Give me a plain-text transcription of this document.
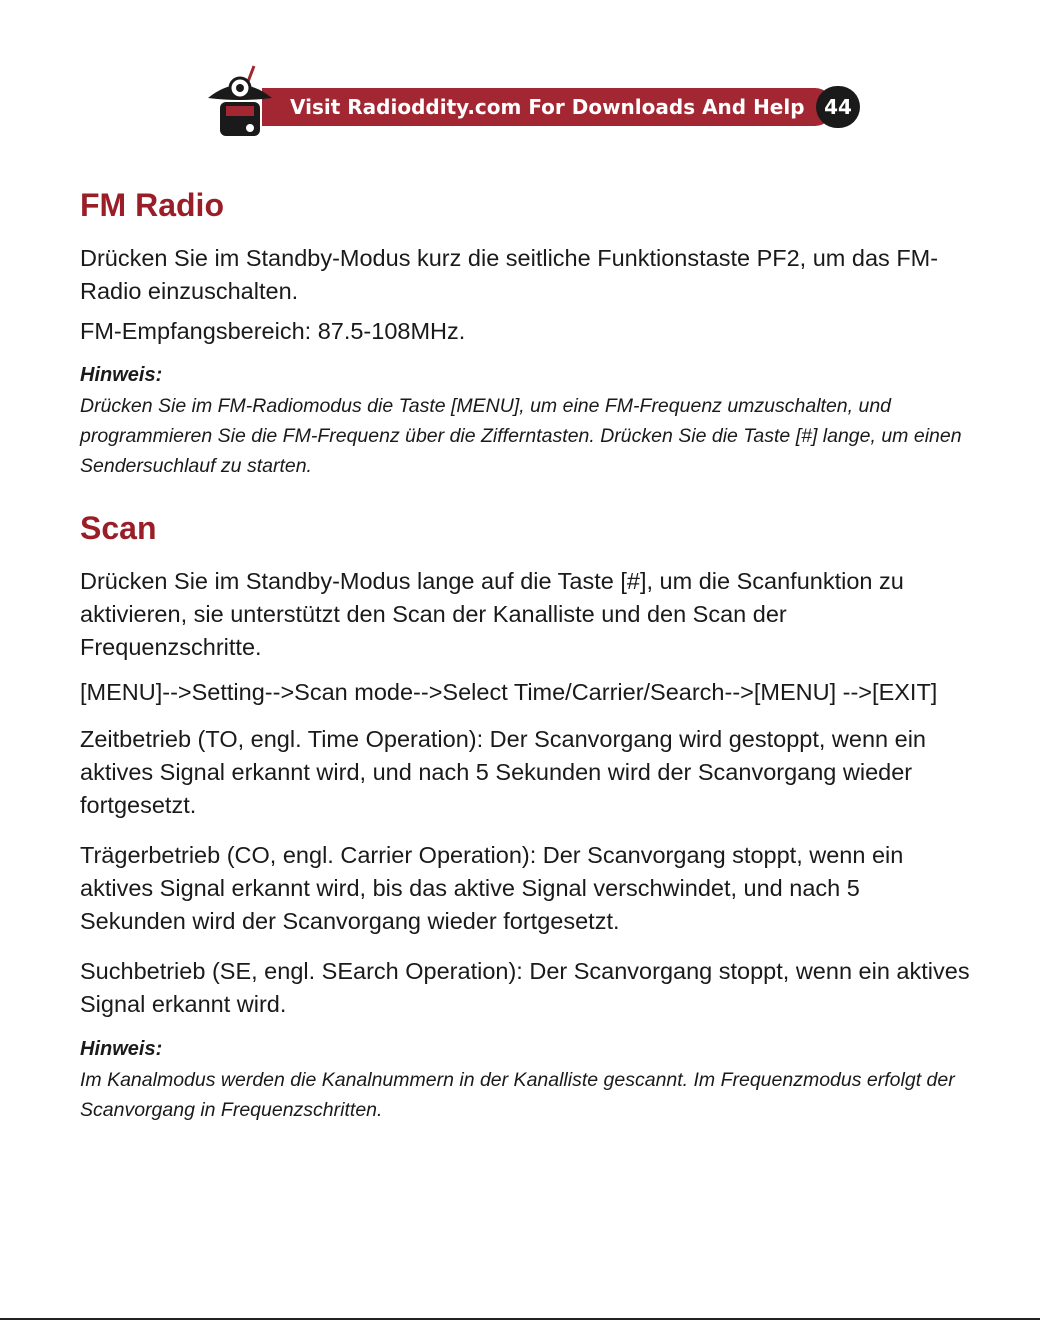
Visit Radioddity.com For Downloads And Help 44
FM Radio

Drücken Sie im Standby-Modus kurz die seitliche Funktionstaste PF2, um das FM-Radio einzuschalten.

FM-Empfangsbereich: 87.5-108MHz.

Hinweis:

Drücken Sie im FM-Radiomodus die Taste [MENU], um eine FM-Frequenz umzuschalten, und programmieren Sie die FM-Frequenz über die Zifferntasten. Drücken Sie die Taste [#] lange, um einen Sendersuchlauf zu starten.

Scan

Drücken Sie im Standby-Modus lange auf die Taste [#], um die Scanfunktion zu aktivieren, sie unterstützt den Scan der Kanalliste und den Scan der Frequenzschritte.

[MENU]-->Setting-->Scan mode-->Select Time/Carrier/Search-->[MENU] -->[EXIT]

Zeitbetrieb (TO, engl. Time Operation): Der Scanvorgang wird gestoppt, wenn ein aktives Signal erkannt wird, und nach 5 Sekunden wird der Scanvorgang wieder fortgesetzt.

Trägerbetrieb (CO, engl. Carrier Operation): Der Scanvorgang stoppt, wenn ein aktives Signal erkannt wird, bis das aktive Signal verschwindet, und nach 5 Sekunden wird der Scanvorgang wieder fortgesetzt.

Suchbetrieb (SE, engl. SEarch Operation): Der Scanvorgang stoppt, wenn ein aktives Signal erkannt wird.

Hinweis:

Im Kanalmodus werden die Kanalnummern in der Kanalliste gescannt. Im Frequenzmodus erfolgt der Scanvorgang in Frequenzschritten.
